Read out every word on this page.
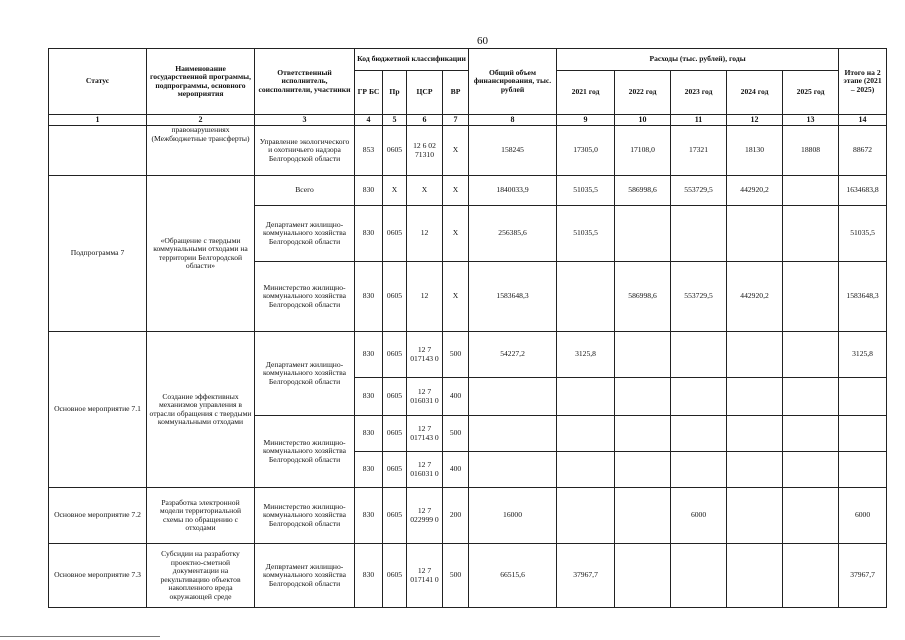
60
Статус	Наименование государственной программы, подпрограммы, основного мероприятия	Ответственный исполнитель, соисполнители, участники	Код бюджетной классификации				Общий объем финансирования, тыс. рублей	Расходы (тыс. рублей), годы					Итого на 2 этапе (2021 – 2025)
			ГР БС	Пр	ЦСР	ВР		2021 год	2022 год	2023 год	2024 год	2025 год	
1	2	3	4	5	6	7	8	9	10	11	12	13	14
	правонарушениях (Межбюджетные трансферты)	Управление экологического и охотничьего надзора Белгородской области	853	0605	12 6 02 71310	X	158245	17305,0	17108,0	17321	18130	18808	88672
Подпрограмма 7	«Обращение с твердыми коммунальными отходами на территории Белгородской области»	Всего	830	X	X	X	1840033,9	51035,5	586998,6	553729,5	442920,2		1634683,8
		Департамент жилищно-коммунального хозяйства Белгородской области	830	0605	12	X	256385,6	51035,5					51035,5
		Министерство жилищно-коммунального хозяйства Белгородской области	830	0605	12	X	1583648,3		586998,6	553729,5	442920,2		1583648,3
Основное мероприятие 7.1	Создание эффективных механизмов управления в отрасли обращения с твердыми коммунальными отходами	Департамент жилищно-коммунального хозяйства Белгородской области	830	0605	12 7 017143 0	500	54227,2	3125,8					3125,8
			830	0605	12 7 016031 0	400							
		Министерство жилищно-коммунального хозяйства Белгородской области	830	0605	12 7 017143 0	500							
			830	0605	12 7 016031 0	400							
Основное мероприятие 7.2	Разработка электронной модели территориальной схемы по обращению с отходами	Министерство жилищно-коммунального хозяйства Белгородской области	830	0605	12 7 022999 0	200	16000			6000			6000
Основное мероприятие 7.3	Субсидии на разработку проектно-сметной документации на рекультивацию объектов накопленного вреда окружающей среде	Депвртамент жилищно-коммунального хозяйства Белгородской области	830	0605	12 7 017141 0	500	66515,6	37967,7					37967,7
